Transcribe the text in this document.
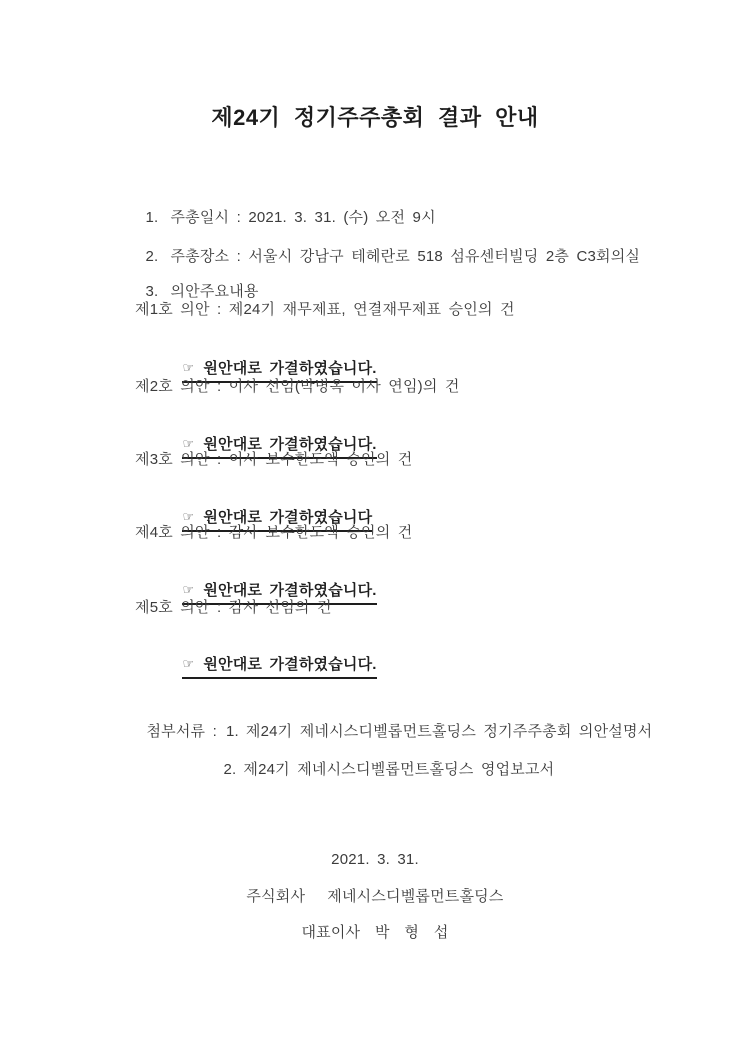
제24기 정기주주총회 결과 안내

1. 주총일시 : 2021. 3. 31. (수) 오전 9시

2. 주총장소 : 서울시 강남구 테헤란로 518 섬유센터빌딩 2층 C3회의실

3. 의안주요내용

제1호 의안 : 제24기 재무제표, 연결재무제표 승인의 건

☞ 원안대로 가결하였습니다.

제2호 의안 : 이사 선임(박병옥 이사 연임)의 건

☞ 원안대로 가결하였습니다.

제3호 의안 : 이사 보수한도액 승인의 건

☞ 원안대로 가결하였습니다

제4호 의안 : 감사 보수한도액 승인의 건

☞ 원안대로 가결하였습니다.

제5호 의안 : 감사 선임의 건

☞ 원안대로 가결하였습니다.

첨부서류 : 1. 제24기 제네시스디벨롭먼트홀딩스 정기주주총회 의안설명서

2. 제24기 제네시스디벨롭먼트홀딩스 영업보고서

2021. 3. 31.
주식회사   제네시스디벨롭먼트홀딩스
대표이사  박  형  섭
